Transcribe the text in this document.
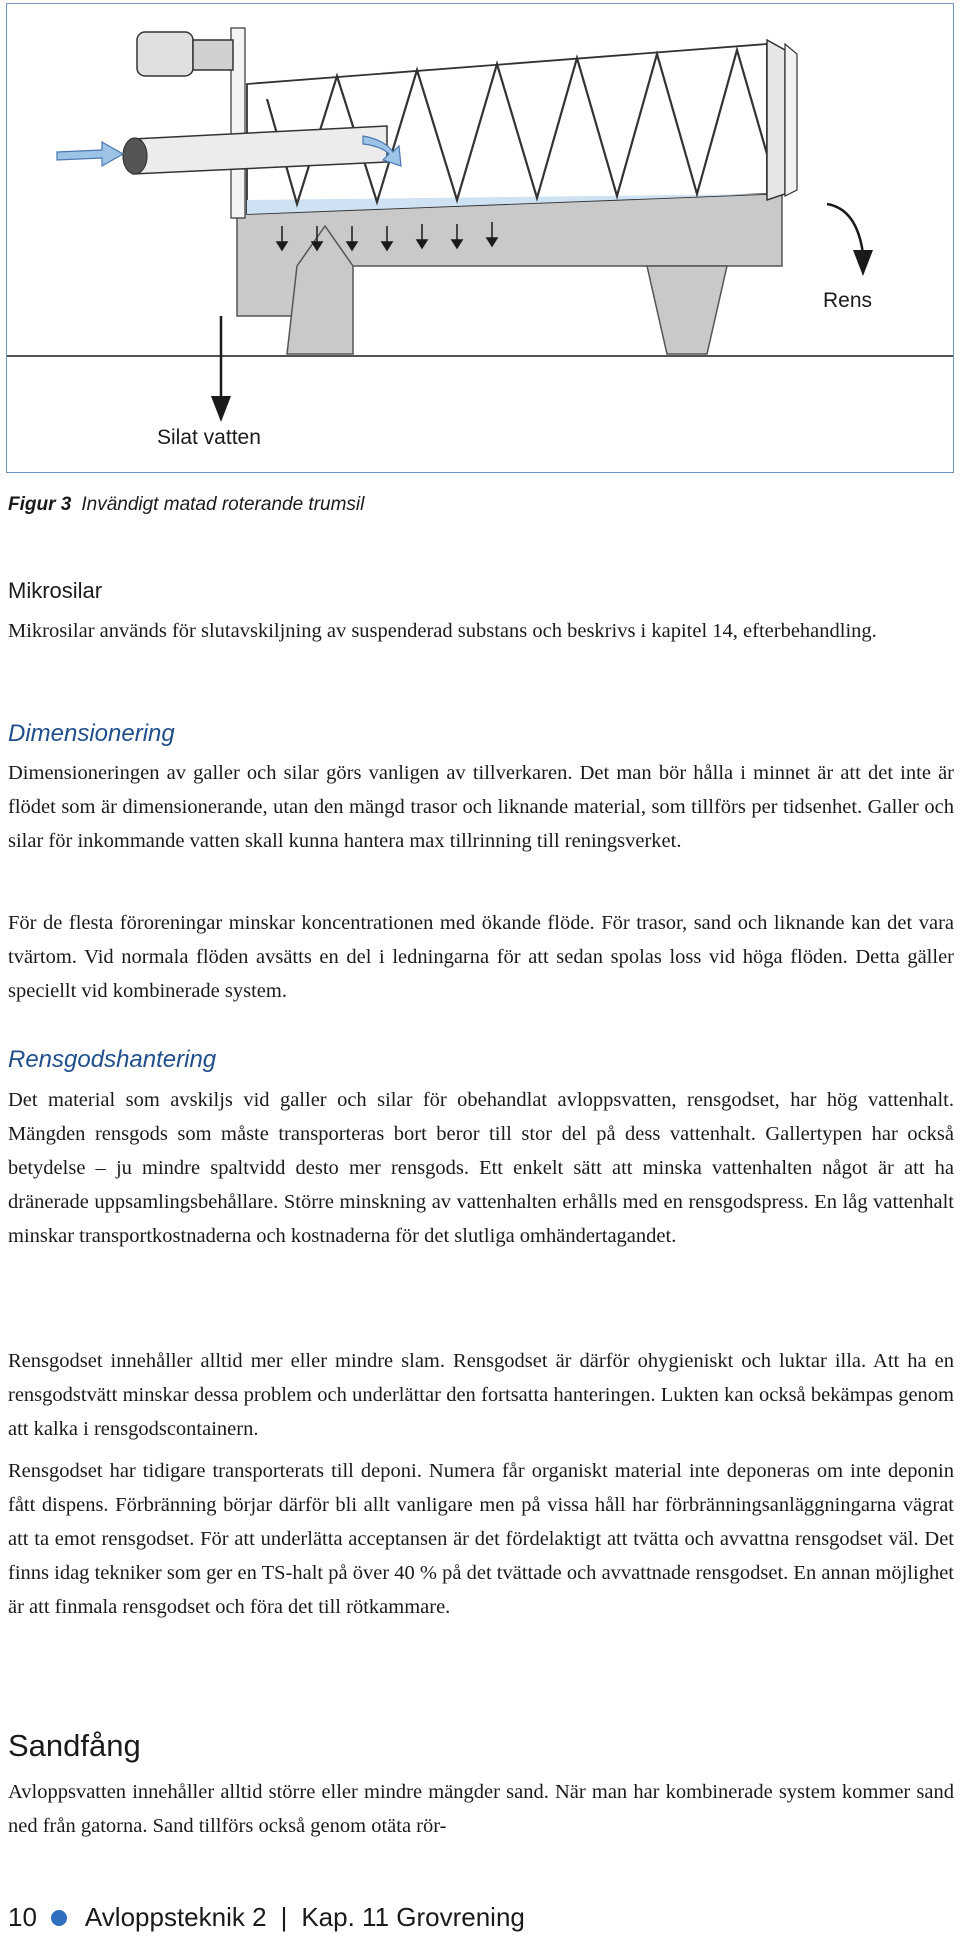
Rens
Silat vatten
Figur 3 Invändigt matad roterande trumsil
Mikrosilar

Mikrosilar används för slutavskiljning av suspenderad substans och beskrivs i kapitel 14, efterbehandling.

Dimensionering

Dimensioneringen av galler och silar görs vanligen av tillverkaren. Det man bör hålla i minnet är att det inte är flödet som är dimensionerande, utan den mängd trasor och liknande material, som tillförs per tidsenhet. Galler och silar för inkommande vatten skall kunna hantera max tillrinning till reningsverket.

För de flesta föroreningar minskar koncentrationen med ökande flöde. För trasor, sand och liknande kan det vara tvärtom. Vid normala flöden avsätts en del i ledningarna för att sedan spolas loss vid höga flöden. Detta gäller speciellt vid kombinerade system.

Rensgodshantering

Det material som avskiljs vid galler och silar för obehandlat avloppsvatten, rensgodset, har hög vattenhalt. Mängden rensgods som måste transporteras bort beror till stor del på dess vattenhalt. Gallertypen har också betydelse – ju mindre spaltvidd desto mer rensgods. Ett enkelt sätt att minska vattenhalten något är att ha dränerade uppsamlingsbehållare. Större minskning av vattenhalten erhålls med en rensgodspress. En låg vattenhalt minskar transportkostnaderna och kostnaderna för det slutliga omhändertagandet.

Rensgodset innehåller alltid mer eller mindre slam. Rensgodset är därför ohygieniskt och luktar illa. Att ha en rensgodstvätt minskar dessa problem och underlättar den fortsatta hanteringen. Lukten kan också bekämpas genom att kalka i rensgodscontainern.

Rensgodset har tidigare transporterats till deponi. Numera får organiskt material inte deponeras om inte deponin fått dispens. Förbränning börjar därför bli allt vanligare men på vissa håll har förbränningsanläggningarna vägrat att ta emot rensgodset. För att underlätta acceptansen är det fördelaktigt att tvätta och avvattna rensgodset väl. Det finns idag tekniker som ger en TS-halt på över 40 % på det tvättade och avvattnade rensgodset. En annan möjlighet är att finmala rensgodset och föra det till rötkammare.

Sandfång

Avloppsvatten innehåller alltid större eller mindre mängder sand. När man har kombinerade system kommer sand ned från gatorna. Sand tillförs också genom otäta rör-

10 Avloppsteknik 2 | Kap. 11 Grovrening
